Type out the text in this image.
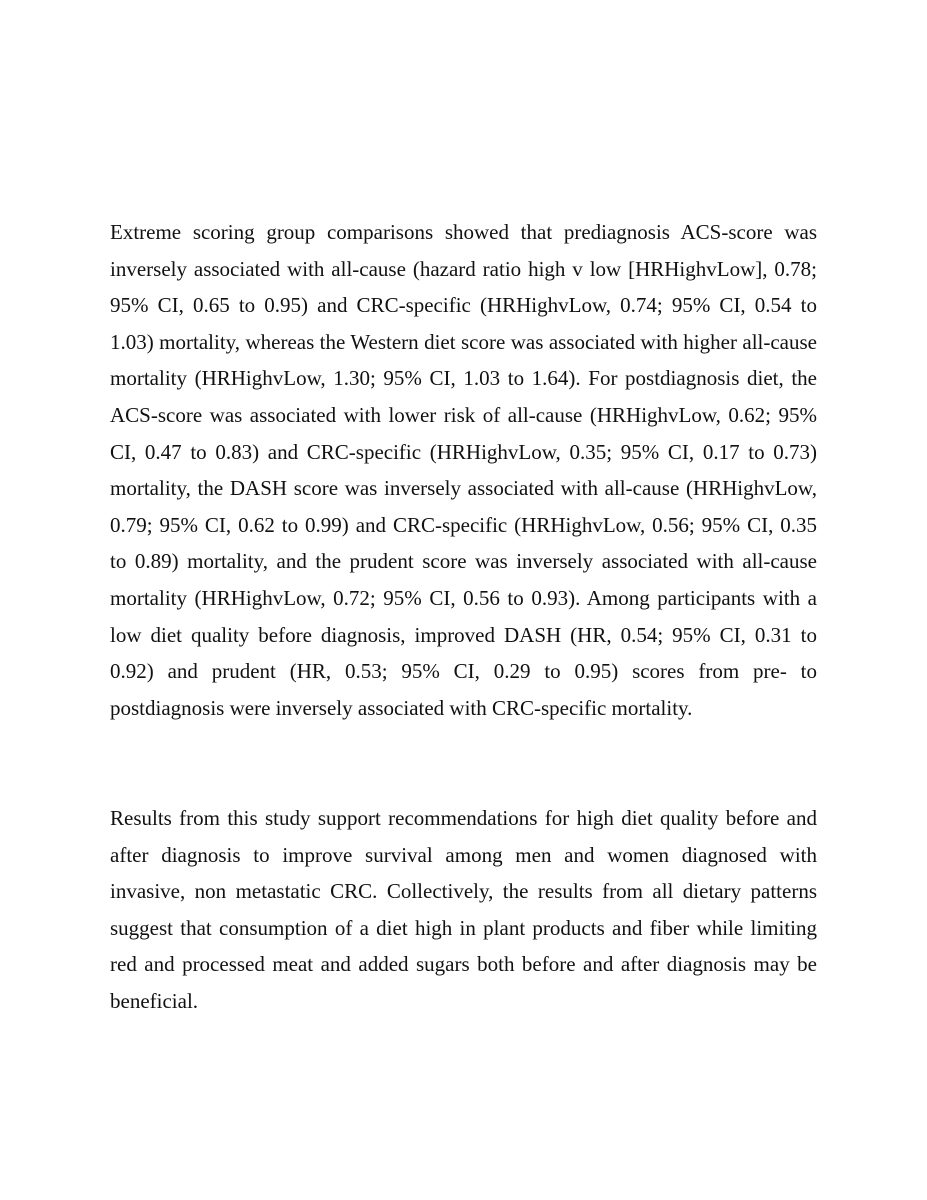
Extreme scoring group comparisons showed that prediagnosis ACS-score was inversely associated with all-cause (hazard ratio high v low [HRHighvLow], 0.78; 95% CI, 0.65 to 0.95) and CRC-specific (HRHighvLow, 0.74; 95% CI, 0.54 to 1.03) mortality, whereas the Western diet score was associated with higher all-cause mortality (HRHighvLow, 1.30; 95% CI, 1.03 to 1.64). For postdiagnosis diet, the ACS-score was associated with lower risk of all-cause (HRHighvLow, 0.62; 95% CI, 0.47 to 0.83) and CRC-specific (HRHighvLow, 0.35; 95% CI, 0.17 to 0.73) mortality, the DASH score was inversely associated with all-cause (HRHighvLow, 0.79; 95% CI, 0.62 to 0.99) and CRC-specific (HRHighvLow, 0.56; 95% CI, 0.35 to 0.89) mortality, and the prudent score was inversely associated with all-cause mortality (HRHighvLow, 0.72; 95% CI, 0.56 to 0.93). Among participants with a low diet quality before diagnosis, improved DASH (HR, 0.54; 95% CI, 0.31 to 0.92) and prudent (HR, 0.53; 95% CI, 0.29 to 0.95) scores from pre- to postdiagnosis were inversely associated with CRC-specific mortality.

Results from this study support recommendations for high diet quality before and after diagnosis to improve survival among men and women diagnosed with invasive, non metastatic CRC. Collectively, the results from all dietary patterns suggest that consumption of a diet high in plant products and fiber while limiting red and processed meat and added sugars both before and after diagnosis may be beneficial.
